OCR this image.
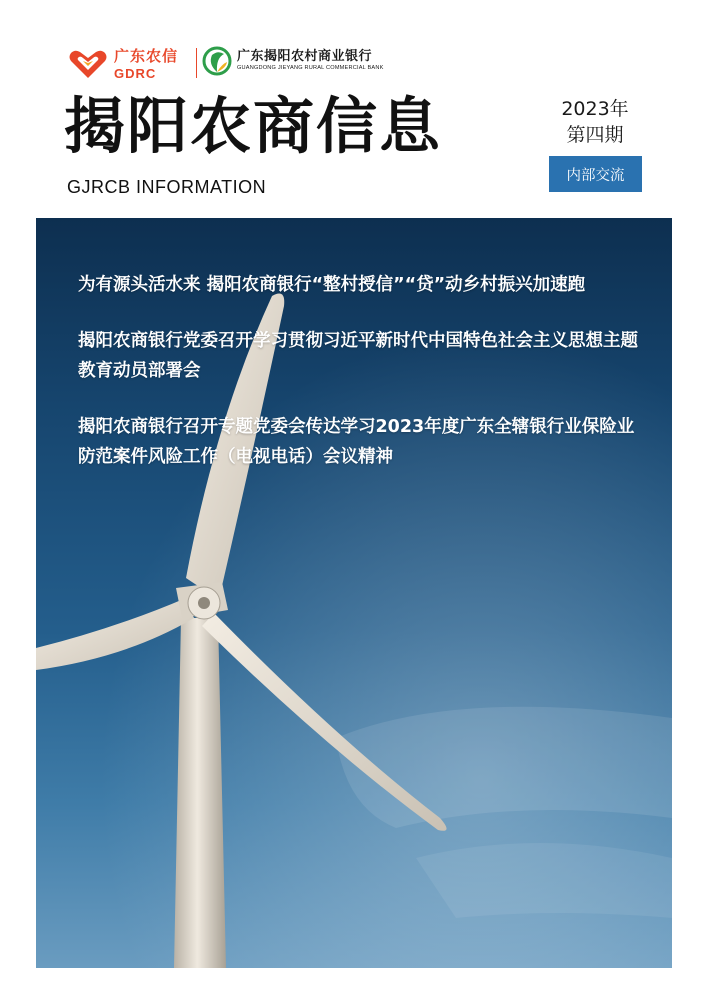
广东农信
GDRC
广东揭阳农村商业银行
GUANGDONG JIEYANG RURAL COMMERCIAL BANK
揭阳农商信息
GJRCB INFORMATION
2023年
第四期
内部交流
为有源头活水来 揭阳农商银行“整村授信”“贷”动乡村振兴加速跑
揭阳农商银行党委召开学习贯彻习近平新时代中国特色社会主义思想主题教育动员部署会
揭阳农商银行召开专题党委会传达学习2023年度广东全辖银行业保险业防范案件风险工作（电视电话）会议精神
